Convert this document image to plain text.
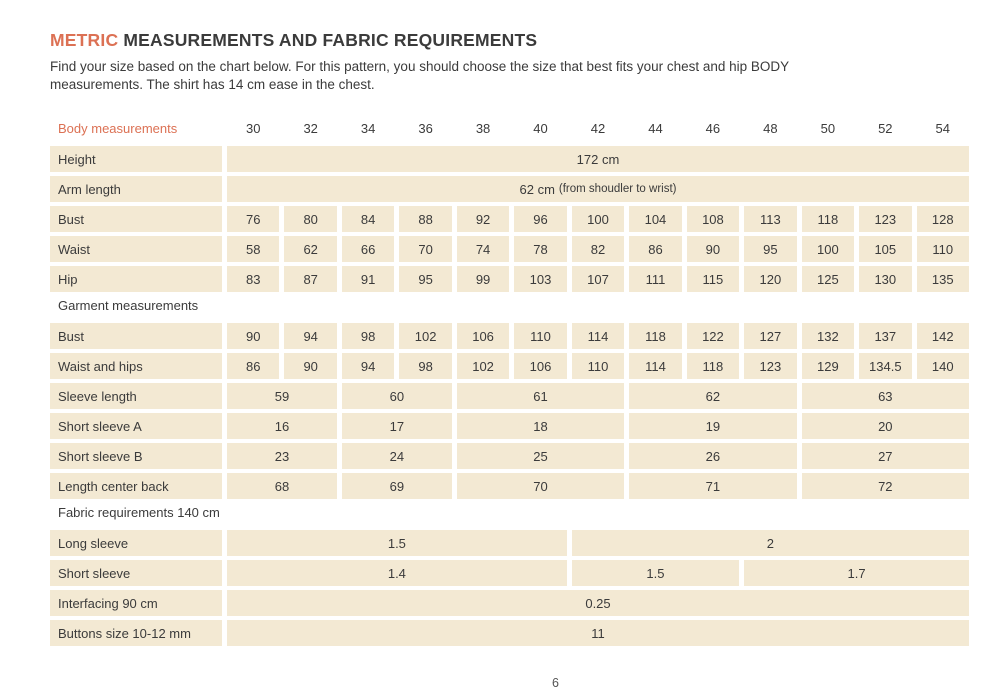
METRIC MEASUREMENTS AND FABRIC REQUIREMENTS

Find your size based on the chart below. For this pattern, you should choose the size that best fits your chest and hip BODY
measurements. The shirt has 14 cm ease in the chest.

Body measurements	30	32	34	36	38	40	42	44	46	48	50	52	54
Height	172 cm
Arm length	62 cm (from shoudler to wrist)
Bust	76	80	84	88	92	96	100	104	108	113	118	123	128
Waist	58	62	66	70	74	78	82	86	90	95	100	105	110
Hip	83	87	91	95	99	103	107	111	115	120	125	130	135
Garment measurements
Bust	90	94	98	102	106	110	114	118	122	127	132	137	142
Waist and hips	86	90	94	98	102	106	110	114	118	123	129	134.5	140
Sleeve length	59	60	61	62	63
Short sleeve A	16	17	18	19	20
Short sleeve B	23	24	25	26	27
Length center back	68	69	70	71	72
Fabric requirements 140 cm
Long sleeve	1.5	2
Short sleeve	1.4	1.5	1.7
Interfacing 90 cm	0.25
Buttons size 10-12 mm	11
6
